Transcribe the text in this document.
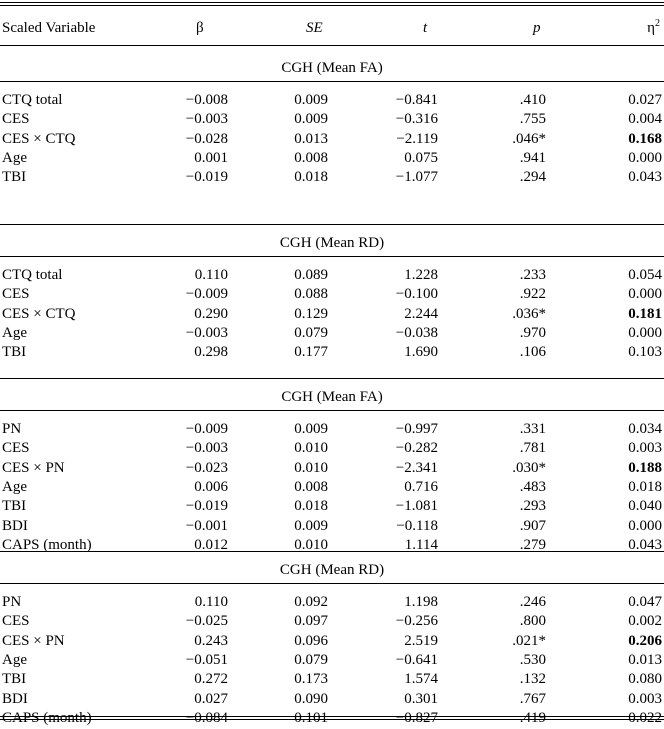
Scaled Variable	β	SE	t	p	$\eta^2$
CGH (Mean FA)
CTQ total	−0.008	0.009	−0.841	.410	0.027
CES	−0.003	0.009	−0.316	.755	0.004
CES × CTQ	−0.028	0.013	−2.119	.046*	0.168
Age	0.001	0.008	0.075	.941	0.000
TBI	−0.019	0.018	−1.077	.294	0.043
CGH (Mean RD)
CTQ total	0.110	0.089	1.228	.233	0.054
CES	−0.009	0.088	−0.100	.922	0.000
CES × CTQ	0.290	0.129	2.244	.036*	0.181
Age	−0.003	0.079	−0.038	.970	0.000
TBI	0.298	0.177	1.690	.106	0.103
CGH (Mean FA)
PN	−0.009	0.009	−0.997	.331	0.034
CES	−0.003	0.010	−0.282	.781	0.003
CES × PN	−0.023	0.010	−2.341	.030*	0.188
Age	0.006	0.008	0.716	.483	0.018
TBI	−0.019	0.018	−1.081	.293	0.040
BDI	−0.001	0.009	−0.118	.907	0.000
CAPS (month)	0.012	0.010	1.114	.279	0.043
CGH (Mean RD)
PN	0.110	0.092	1.198	.246	0.047
CES	−0.025	0.097	−0.256	.800	0.002
CES × PN	0.243	0.096	2.519	.021*	0.206
Age	−0.051	0.079	−0.641	.530	0.013
TBI	0.272	0.173	1.574	.132	0.080
BDI	0.027	0.090	0.301	.767	0.003
CAPS (month)	−0.084	0.101	−0.827	.419	0.022
